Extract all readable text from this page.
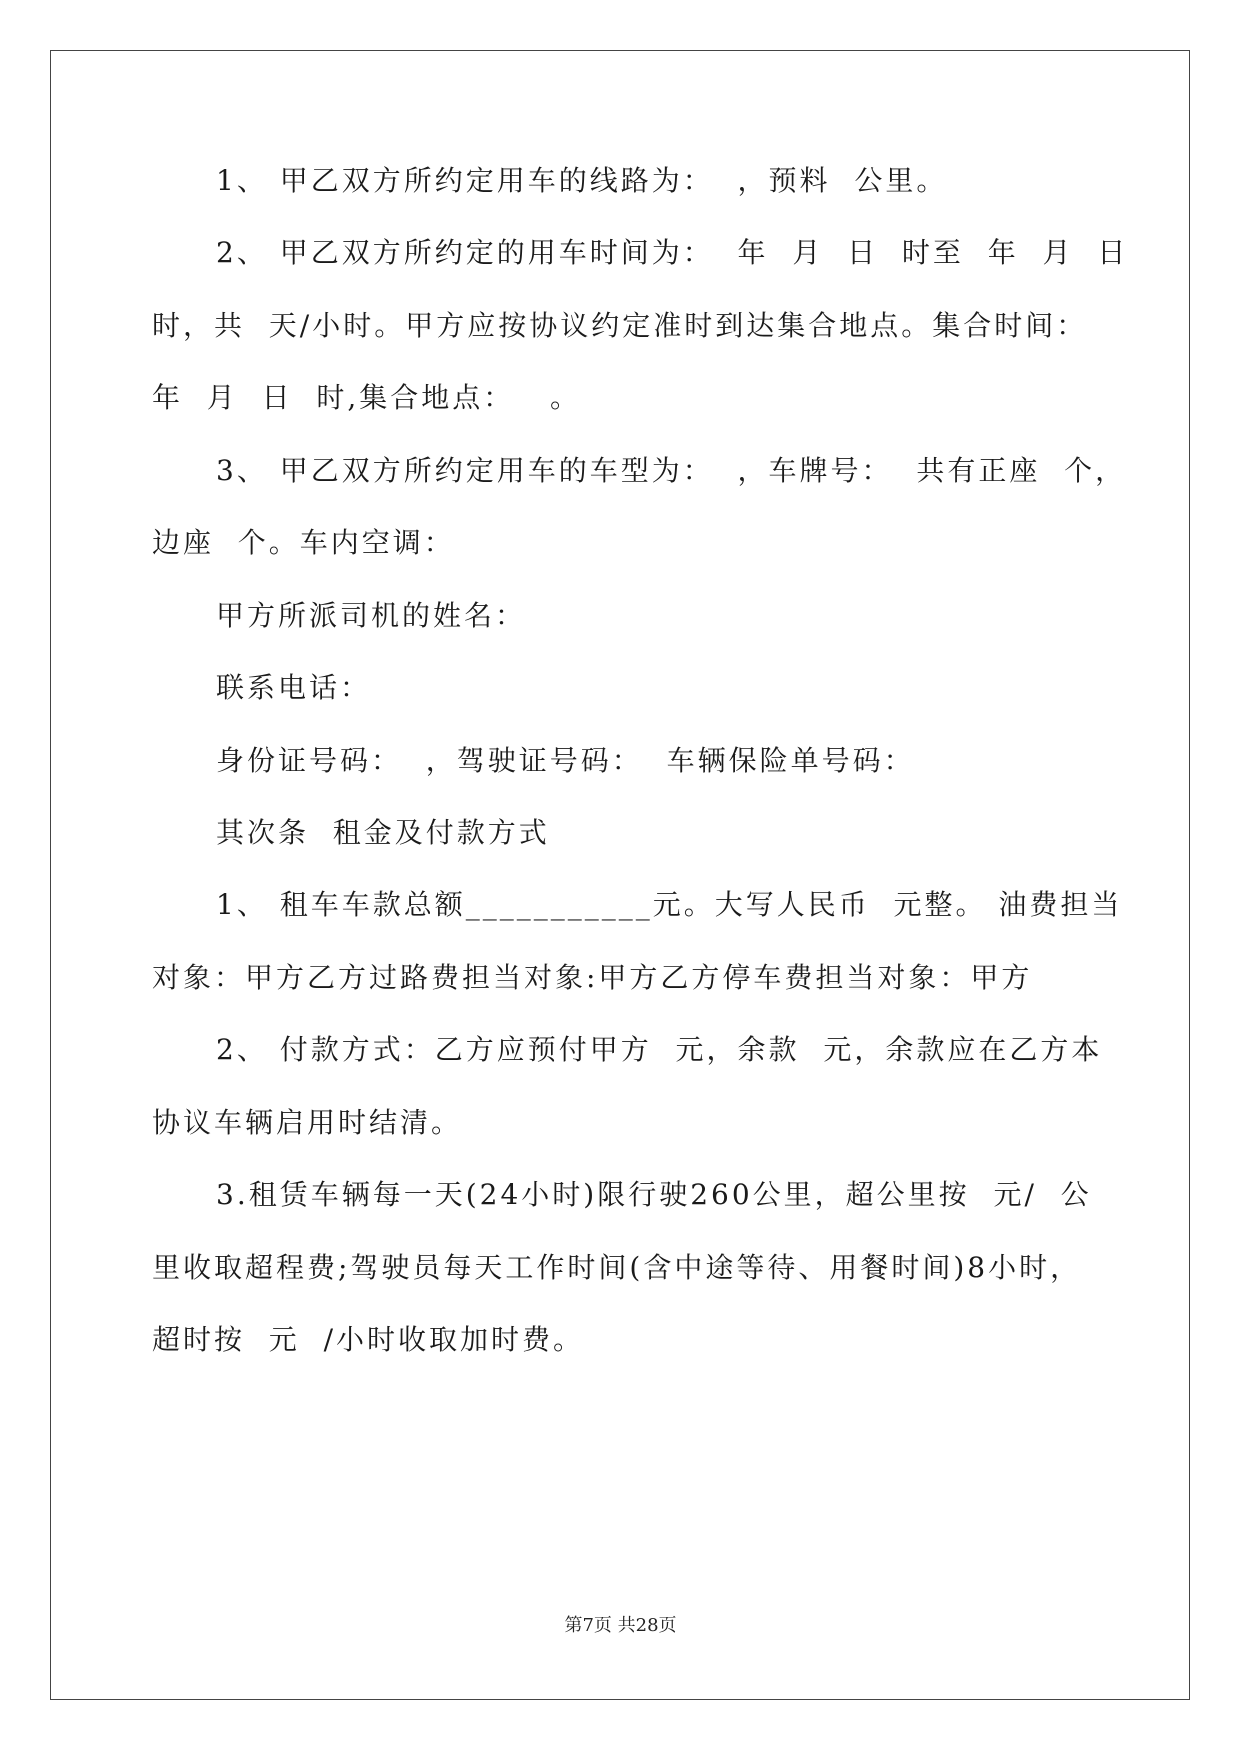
1、 甲乙双方所约定用车的线路为：  ，预料  公里。
2、 甲乙双方所约定的用车时间为：  年  月  日  时至  年  月  日
时，共  天/小时。甲方应按协议约定准时到达集合地点。集合时间：
年  月  日  时,集合地点：   。
3、 甲乙双方所约定用车的车型为：  ，车牌号：  共有正座  个，
边座  个。车内空调：
甲方所派司机的姓名：
联系电话：
身份证号码：  ，驾驶证号码：  车辆保险单号码：
其次条  租金及付款方式
1、 租车车款总额___________元。大写人民币  元整。 油费担当
对象：甲方乙方过路费担当对象:甲方乙方停车费担当对象：甲方
2、 付款方式：乙方应预付甲方  元，余款  元，余款应在乙方本
协议车辆启用时结清。
3.租赁车辆每一天(24小时)限行驶260公里，超公里按  元/  公
里收取超程费;驾驶员每天工作时间(含中途等待、用餐时间)8小时，
超时按  元  /小时收取加时费。
第7页 共28页
